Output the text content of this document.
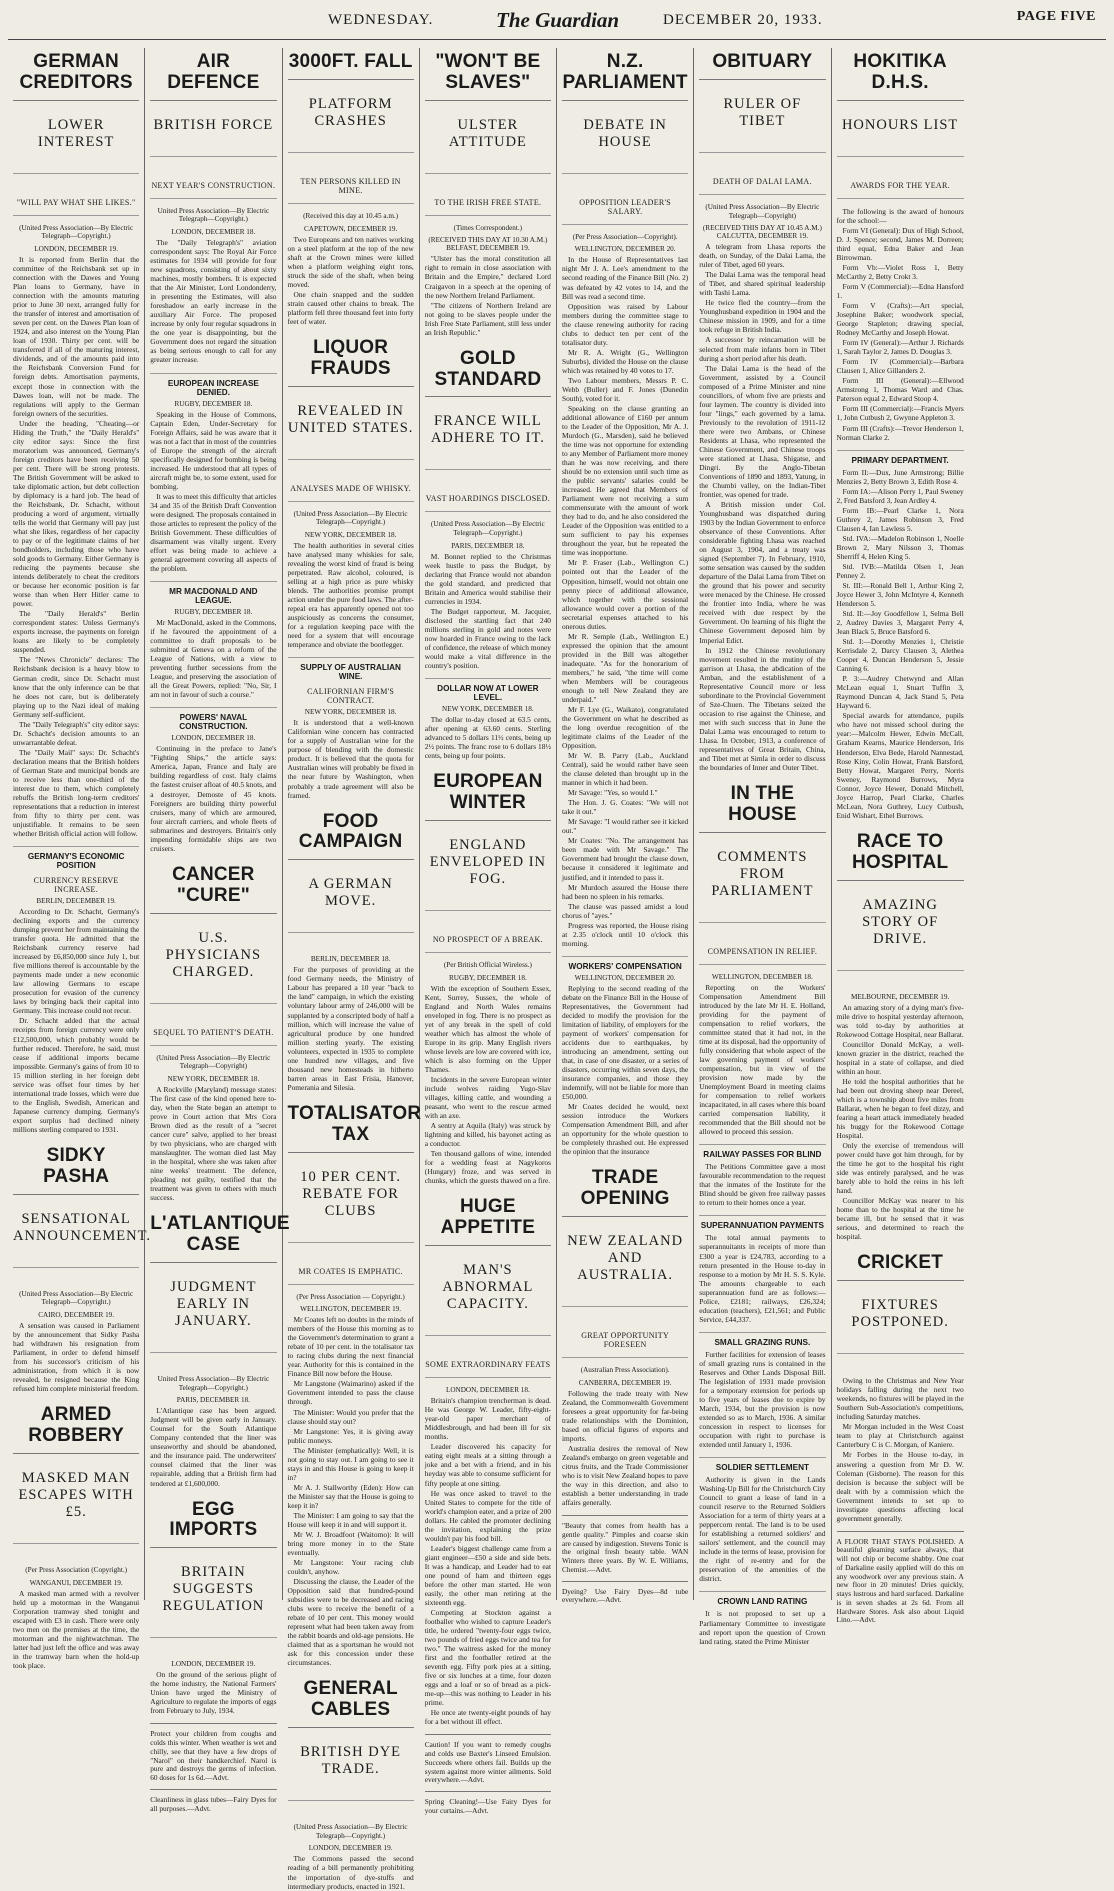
WEDNESDAY.	The Guardian	DECEMBER 20, 1933.	PAGE FIVE
GERMAN CREDITORS
LOWER INTEREST
"WILL PAY WHAT SHE LIKES."
(United Press Association—By Electric Telegraph—Copyright.)
LONDON, DECEMBER 19.

It is reported from Berlin that the committee of the Reichsbank set up in connection with the Dawes and Young Plan loans to Germany, have in connection with the amounts maturing prior to June 30 next, arranged fully for the transfer of interest and amortisation of seven per cent. on the Dawes Plan loan of 1924, and also interest on the Young Plan loan of 1930. Thirty per cent. will be transferred if all of the maturing interest, dividends, and of the amounts paid into the Reichsbank Conversion Fund for foreign debts. Amortisation payments, except those in connection with the Dawes loan, will not be made. The regulations will apply to the German foreign owners of the securities.

Under the heading, "Cheating—or Hiding the Truth," the "Daily Herald's" city editor says: Since the first moratorium was announced, Germany's foreign creditors have been receiving 50 per cent. There will be strong protests. The British Government will be asked to take diplomatic action, but debt collection by diplomacy is a hard job. The head of the Reichsbank, Dr. Schacht, without producing a word of argument, virtually tells the world that Germany will pay just what she likes, regardless of her capacity to pay or of the legitimate claims of her bondholders, including those who have sold goods to Germany. Either Germany is reducing the payments because she intends deliberately to cheat the creditors or because her economic position is far worse than when Herr Hitler came to power.

The "Daily Herald's" Berlin correspondent states: Unless Germany's exports increase, the payments on foreign loans are likely to be completely suspended.

The "News Chronicle" declares: The Reichsbank decision is a heavy blow to German credit, since Dr. Schacht must know that the only inference can be that he does not care, but is deliberately playing up to the Nazi ideal of making Germany self-sufficient.

The "Daily Telegraph's" city editor says: Dr. Schacht's decision amounts to an unwarrantable defeat.

The "Daily Mail" says: Dr. Schacht's declaration means that the British holders of German State and municipal bonds are to receive less than one-third of the interest due to them, which completely rebuffs the British long-term creditors' representations that a reduction in interest from fifty to thirty per cent. was unjustifiable. It remains to be seen whether British official action will follow.

GERMANY'S ECONOMIC POSITION
CURRENCY RESERVE INCREASE.
BERLIN, DECEMBER 19.

According to Dr. Schacht, Germany's declining exports and the currency dumping prevent her from maintaining the transfer quota. He admitted that the Reichsbank currency reserve had increased by £6,850,000 since July 1, but five millions thereof is accountable by the payments made under a new economic law allowing Germans to escape prosecution for evasion of the currency laws by bringing back their capital into Germany. This increase could not recur.

Dr. Schacht added that the actual receipts from foreign currency were only £12,500,000, which probably would be further reduced. Therefore, he said, must cease if additional imports became impossible. Germany's gains of from 10 to 15 million sterling in her foreign debt service was offset four times by her international trade losses, which were due to the English, Swedish, American and Japanese currency dumping. Germany's export surplus had declined ninety millions sterling compared to 1931.

SIDKY PASHA
SENSATIONAL ANNOUNCEMENT.
(United Press Association—By Electric Telegraph—Copyright.)
CAIRO, DECEMBER 19.

A sensation was caused in Parliament by the announcement that Sidky Pasha had withdrawn his resignation from Parliament, in order to defend himself from his successor's criticism of his administration, from which it is now revealed, he resigned because the King refused him complete ministerial freedom.

ARMED ROBBERY
MASKED MAN ESCAPES WITH £5.
(Per Press Association (Copyright.)
WANGANUI, DECEMBER 19.

A masked man armed with a revolver held up a motorman in the Wanganui Corporation tramway shed tonight and escaped with £3 in cash. There were only two men on the premises at the time, the motorman and the nightwatchman. The latter had just left the office and was away in the tramway barn when the hold-up took place.

AIR DEFENCE
BRITISH FORCE
NEXT YEAR'S CONSTRUCTION.
United Press Association—By Electric Telegraph—Copyright.)
LONDON, DECEMBER 18.

The "Daily Telegraph's" aviation correspondent says: The Royal Air Force estimates for 1934 will provide for four new squadrons, consisting of about sixty machines, mostly bombers. It is expected that the Air Minister, Lord Londonderry, in presenting the Estimates, will also foreshadow an early increase in the auxiliary Air Force. The proposed increase by only four regular squadrons in the one year is disappointing, but the Government does not regard the situation as being serious enough to call for any greater increase.

EUROPEAN INCREASE DENIED.
RUGBY, DECEMBER 18.

Speaking in the House of Commons, Captain Eden, Under-Secretary for Foreign Affairs, said he was aware that it was not a fact that in most of the countries of Europe the strength of the aircraft specifically designed for bombing is being increased. He understood that all types of aircraft might be, to some extent, used for bombing.

It was to meet this difficulty that articles 34 and 35 of the British Draft Convention were designed. The proposals contained in those articles to represent the policy of the British Government. These difficulties of disarmament was vitally urgent. Every effort was being made to achieve a general agreement covering all aspects of the problem.

MR MACDONALD AND LEAGUE.
RUGBY, DECEMBER 18.

Mr MacDonald, asked in the Commons, if he favoured the appointment of a committee to draft proposals to be submitted at Geneva on a reform of the League of Nations, with a view to preventing further secessions from the League, and preserving the association of all the Great Powers, replied: "No, Sir, I am not in favour of such a course."

POWERS' NAVAL CONSTRUCTION.
LONDON, DECEMBER 18.

Continuing in the preface to Jane's "Fighting Ships," the article says: America, Japan, France and Italy are building regardless of cost. Italy claims the fastest cruiser afloat of 40.5 knots, and a destroyer, Demoste of 45 knots. Foreigners are building thirty powerful cruisers, many of which are armoured, four aircraft carriers, and whole fleets of submarines and destroyers. Britain's only impending formidable ships are two cruisers.

CANCER "CURE"
U.S. PHYSICIANS CHARGED.
SEQUEL TO PATIENT'S DEATH.
(United Press Association—By Electric Telegraph—Copyright)
NEW YORK, DECEMBER 18.

A Rockville (Maryland) message states: The first case of the kind opened here to-day, when the State began an attempt to prove in Court action that Mrs Cora Brown died as the result of a "secret cancer cure" salve, applied to her breast by two physicians, who are charged with manslaughter. The woman died last May in the hospital, where she was taken after nine weeks' treatment. The defence, pleading not guilty, testified that the treatment was given to others with much success.

L'ATLANTIQUE CASE
JUDGMENT EARLY IN JANUARY.
United Press Association—By Electric Telegraph—Copyright.)
PARIS, DECEMBER 18.

L'Atlantique case has been argued. Judgment will be given early in January. Counsel for the South Atlantique Company contended that the liner was unseaworthy and should be abandoned, and the insurance paid. The underwriters' counsel claimed that the liner was repairable, adding that a British firm had tendered at £1,600,000.

EGG IMPORTS
BRITAIN SUGGESTS REGULATION
LONDON, DECEMBER 19.

On the ground of the serious plight of the home industry, the National Farmers' Union have urged the Ministry of Agriculture to regulate the imports of eggs from February to July, 1934.

Protect your children from coughs and colds this winter. When weather is wet and chilly, see that they have a few drops of "Narol" on their handkerchief. Narol is pure and destroys the germs of infection. 60 doses for 1s 6d.—Advt.
Cleanliness in glass tubes—Fairy Dyes for all purposes.—Advt.
3000FT. FALL
PLATFORM CRASHES
TEN PERSONS KILLED IN MINE.
(Received this day at 10.45 a.m.)
CAPETOWN, DECEMBER 19.

Two Europeans and ten natives working on a steel platform at the top of the new shaft at the Crown mines were killed when a platform weighing eight tons, struck the side of the shaft, when being moved.

One chain snapped and the sudden strain caused other chains to break. The platform fell three thousand feet into forty feet of water.

LIQUOR FRAUDS
REVEALED IN UNITED STATES.
ANALYSES MADE OF WHISKY.
(United Press Association—By Electric Telegraph—Copyright.)
NEW YORK, DECEMBER 18.

The health authorities in several cities have analysed many whiskies for sale, revealing the worst kind of fraud is being perpetrated. Raw alcohol, coloured, is selling at a high price as pure whisky blends. The authorities promise prompt action under the pure food laws. The after-repeal era has apparently opened not too auspiciously as concerns the consumer, for a regulation keeping pace with the need for a system that will encourage temperance and obviate the bootlegger.

SUPPLY OF AUSTRALIAN WINE.
CALIFORNIAN FIRM'S CONTRACT.
NEW YORK, DECEMBER 18.

It is understood that a well-known Californian wine concern has contracted for a supply of Australian wine for the purpose of blending with the domestic product. It is believed that the quota for Australian wines will probably be fixed in the near future by Washington, when probably a trade agreement will also be framed.

FOOD CAMPAIGN
A GERMAN MOVE.
BERLIN, DECEMBER 18.

For the purposes of providing at the food Germany needs, the Ministry of Labour has prepared a 10 year "back to the land" campaign, in which the existing voluntary labour army of 246,000 will be supplanted by a conscripted body of half a million, which will increase the value of agricultural produce by one hundred million sterling yearly. The existing volunteers, expected in 1935 to complete one hundred new villages, and five thousand new homesteads in hitherto barren areas in East Frisia, Hanover, Pomerania and Silesia.

TOTALISATOR TAX
10 PER CENT. REBATE FOR CLUBS
MR COATES IS EMPHATIC.
(Per Press Association — Copyright.)
WELLINGTON, DECEMBER 19.

Mr Coates left no doubts in the minds of members of the House this morning as to the Government's determination to grant a rebate of 10 per cent. in the totalisator tax to racing clubs during the next financial year. Authority for this is contained in the Finance Bill now before the House.

Mr Langstone (Waimarino) asked if the Government intended to pass the clause through.

The Minister: Would you prefer that the clause should stay out?

Mr Langstone: Yes, it is giving away public moneys.

The Minister (emphatically): Well, it is not going to stay out. I am going to see it stays in and this House is going to keep it in?

Mr A. J. Stallworthy (Eden): How can the Minister say that the House is going to keep it in?

The Minister: I am going to say that the House will keep it in and will support it.

Mr W. J. Broadfoot (Waitomo): It will bring more money in to the State eventually.

Mr Langstone: Your racing club couldn't, anyhow.

Discussing the clause, the Leader of the Opposition said that hundred-pound subsidies were to be decreased and racing clubs were to receive the benefit of a rebate of 10 per cent. This money would represent what had been taken away from the rabbit boards and old-age pensions. He claimed that as a sportsman he would not ask for this concession under these circumstances.

GENERAL CABLES
BRITISH DYE TRADE.
(United Press Association—By Electric Telegraph—Copyright.)
LONDON, DECEMBER 19.

The Commons passed the second reading of a bill permanently prohibiting the importation of dye-stuffs and intermediary products, enacted in 1921.

"WON'T BE SLAVES"
ULSTER ATTITUDE
TO THE IRISH FREE STATE.
(Times Correspondent.)
(RECEIVED THIS DAY AT 10.30 A.M.) BELFAST, DECEMBER 19.

"Ulster has the moral constitution all right to remain in close association with Britain and the Empire," declared Lord Craigavon in a speech at the opening of the new Northern Ireland Parliament.

"The citizens of Northern Ireland are not going to be slaves people under the Irish Free State Parliament, still less under an Irish Republic."

GOLD STANDARD
FRANCE WILL ADHERE TO IT.
VAST HOARDINGS DISCLOSED.
(United Press Association—By Electric Telegraph—Copyright.)
PARIS, DECEMBER 18.

M. Bonnet replied to the Christmas week hustle to pass the Budget, by declaring that France would not abandon the gold standard, and predicted that Britain and America would stabilise their currencies in 1934.

The Budget rapporteur, M. Jacquier, disclosed the startling fact that 240 millions sterling in gold and notes were now hoarded in France owing to the lack of confidence, the release of which money would make a vital difference in the country's position.

DOLLAR NOW AT LOWER LEVEL.
NEW YORK, DECEMBER 18.

The dollar to-day closed at 63.5 cents, after opening at 63.60 cents. Sterling advanced to 5 dollars 11½ cents, being up 2½ points. The franc rose to 6 dollars 18½ cents, being up four points.

EUROPEAN WINTER
ENGLAND ENVELOPED IN FOG.
NO PROSPECT OF A BREAK.
(Per British Official Wireless.)
RUGBY, DECEMBER 18.

With the exception of Southern Essex, Kent, Surrey, Sussex, the whole of England and North Wales remains enveloped in fog. There is no prospect as yet of any break in the spell of cold weather which has almost the whole of Europe in its grip. Many English rivers whose levels are low are covered with ice, which is also forming on the Upper Thames.

Incidents in the severe European winter include wolves raiding Yugo-Slav villages, killing cattle, and wounding a peasant, who went to the rescue armed with an axe.

A sentry at Aquila (Italy) was struck by lightning and killed, his bayonet acting as a conductor.

Ten thousand gallons of wine, intended for a wedding feast at Nagykoros (Hungary) froze, and was served in chunks, which the guests thawed on a fire.

HUGE APPETITE
MAN'S ABNORMAL CAPACITY.
SOME EXTRAORDINARY FEATS
LONDON, DECEMBER 18.

Britain's champion trencherman is dead. He was George W. Leader, fifty-eight-year-old paper merchant of Middlesbrough, and had been ill for six months.

Leader discovered his capacity for eating eight meals at a sitting through a joke and a bet with a friend, and in his heyday was able to consume sufficient for fifty people at one sitting.

He was once asked to travel to the United States to compete for the title of world's champion eater, and a prize of 200 dollars. He cabled the promoter declining the invitation, explaining the prize wouldn't pay his food bill.

Leader's biggest challenge came from a giant engineer—£50 a side and side bets. It was a handicap, and Leader had to eat one pound of ham and thirteen eggs before the other man started. He won easily, the other man retiring at the sixteenth egg.

Competing at Stockton against a footballer who wished to capture Leader's title, he ordered "twenty-four eggs twice, two pounds of fried eggs twice and tea for two." The waitress asked for the money first and the footballer retired at the seventh egg. Fifty pork pies at a sitting, five or six lunches at a time, four dozen eggs and a loaf or so of bread as a pick-me-up—this was nothing to Leader in his prime.

He once ate twenty-eight pounds of hay for a bet without ill effect.

Caution! If you want to remedy coughs and colds use Baxter's Linseed Emulsion. Succeeds where others fail. Builds up the system against more winter ailments. Sold everywhere.—Advt.
Spring Cleaning!—Use Fairy Dyes for your curtains.—Advt.
N.Z. PARLIAMENT
DEBATE IN HOUSE
OPPOSITION LEADER'S SALARY.
(Per Press Association—Copyright).
WELLINGTON, DECEMBER 20.

In the House of Representatives last night Mr J. A. Lee's amendment to the second reading of the Finance Bill (No. 2) was defeated by 42 votes to 14, and the Bill was read a second time.

Opposition was raised by Labour members during the committee stage to the clause renewing authority for racing clubs to deduct ten per cent of the totalisator duty.

Mr R. A. Wright (G., Wellington Suburbs), divided the House on the clause which was retained by 40 votes to 17.

Two Labour members, Messrs P. C. Webb (Buller) and F. Jones (Dunedin South), voted for it.

Speaking on the clause granting an additional allowance of £160 per annum to the Leader of the Opposition, Mr A. J. Murdoch (G., Marsden), said he believed the time was not opportune for extending to any Member of Parliament more money than he was now receiving, and there should be no extension until such time as the public servants' salaries could be increased. He agreed that Members of Parliament were not receiving a sum commensurate with the amount of work they had to do, and he also considered the Leader of the Opposition was entitled to a sum sufficient to pay his expenses throughout the year, but he repeated the time was inopportune.

Mr P. Fraser (Lab., Wellington C.) pointed out that the Leader of the Opposition, himself, would not obtain one penny piece of additional allowance, which together with the sessional allowance would cover a portion of the secretarial expenses attached to his onerous duties.

Mr R. Semple (Lab., Wellington E.) expressed the opinion that the amount provided in the Bill was altogether inadequate. "As for the honorarium of members," he said, "the time will come when Members will be courageous enough to tell New Zealand they are underpaid."

Mr F. Lye (G., Waikato), congratulated the Government on what he described as the long overdue recognition of the legitimate claims of the Leader of the Opposition.

Mr W. B. Parry (Lab., Auckland Central), said he would rather have seen the clause deleted than brought up in the manner in which it had been.

Mr Savage: "Yes, so would I."

The Hon. J. G. Coates: "We will not take it out."

Mr Savage: "I would rather see it kicked out."

Mr Coates: "No. The arrangement has been made with Mr Savage." The Government had brought the clause down, because it considered it legitimate and justified, and it intended to pass it.

Mr Murdoch assured the House there had been no spleen in his remarks.

The clause was passed amidst a loud chorus of "ayes."

Progress was reported, the House rising at 2.35 o'clock until 10 o'clock this morning.

WORKERS' COMPENSATION
WELLINGTON, DECEMBER 20.

Replying to the second reading of the debate on the Finance Bill in the House of Representatives, the Government had decided to modify the provision for the limitation of liability, of employers for the payment of workers' compensation for accidents due to earthquakes, by introducing an amendment, setting out that, in case of one disaster, or a series of disasters, occurring within seven days, the insurance companies, and those they indemnify, will not be liable for more than £50,000.

Mr Coates decided he would, next session introduce the Workers Compensation Amendment Bill, and after an opportunity for the whole question to be completely thrashed out. He expressed the opinion that the insurance

TRADE OPENING
NEW ZEALAND AND AUSTRALIA.
GREAT OPPORTUNITY FORESEEN
(Australian Press Association).
CANBERRA, DECEMBER 19.

Following the trade treaty with New Zealand, the Commonwealth Government foresees a great opportunity for far-being trade relationships with the Dominion, based on official figures of exports and imports.

Australia desires the removal of New Zealand's embargo on green vegetable and citrus fruits, and the Trade Commissioner who is to visit New Zealand hopes to pave the way in this direction, and also to establish a better understanding in trade affairs generally.

"Beauty that comes from health has a gentle quality." Pimples and coarse skin are caused by indigestion. Stevens Tonic is the original fresh beauty table. WAN Winters three years. By W. E. Williams, Chemist.—Advt.
Dyeing? Use Fairy Dyes—8d tube everywhere.—Advt.
OBITUARY
RULER OF TIBET
DEATH OF DALAI LAMA.
(United Press Association—By Electric Telegraph—Copyright)
(RECEIVED THIS DAY AT 10.45 A.M.) CALCUTTA, DECEMBER 19.

A telegram from Lhasa reports the death, on Sunday, of the Dalai Lama, the ruler of Tibet, aged 60 years.

The Dalai Lama was the temporal head of Tibet, and shared spiritual leadership with Tashi Lama.

He twice fled the country—from the Younghusband expedition in 1904 and the Chinese mission in 1909, and for a time took refuge in British India.

A successor by reincarnation will be selected from male infants born in Tibet during a short period after his death.

The Dalai Lama is the head of the Government, assisted by a Council composed of a Prime Minister and nine councillors, of whom five are priests and four laymen. The country is divided into four "lings," each governed by a lama. Previously to the revolution of 1911-12 there were two Ambans, or Chinese Residents at Lhasa, who represented the Chinese Government, and Chinese troops were stationed at Lhasa, Shigatse, and Dingri. By the Anglo-Tibetan Conventions of 1890 and 1893, Yatung, in the Chumbi valley, on the Indian-Tibet frontier, was opened for trade.

A British mission under Col. Younghusband was dispatched during 1903 by the Indian Government to enforce observance of these Conventions. After considerable fighting Lhasa was reached on August 3, 1904, and a treaty was signed (September 7). In February, 1910, some sensation was caused by the sudden departure of the Dalai Lama from Tibet on the ground that his power and security were menaced by the Chinese. He crossed the frontier into India, where he was received with due respect by the Government. On learning of his flight the Chinese Government deposed him by Imperial Edict.

In 1912 the Chinese revolutionary movement resulted in the mutiny of the garrison at Lhasa, the abdication of the Amban, and the establishment of a Representative Council more or less subordinate to the Provincial Government of Sze-Chuen. The Tibetans seized the occasion to rise against the Chinese, and met with such success that in June the Dalai Lama was encouraged to return to Lhasa. In October, 1913, a conference of representatives of Great Britain, China, and Tibet met at Simla in order to discuss the boundaries of Inner and Outer Tibet.

IN THE HOUSE
COMMENTS FROM PARLIAMENT
COMPENSATION IN RELIEF.
WELLINGTON, DECEMBER 18.

Reporting on the Workers' Compensation Amendment Bill introduced by the late Mr H. E. Holland, providing for the payment of compensation to relief workers, the committee stated that it had not, in the time at its disposal, had the opportunity of fully considering that whole aspect of the law governing payment of workers' compensation, but in view of the provision now made by the Unemployment Board in meeting claims for compensation to relief workers incapacitated, in all cases where this board carried compensation liability, it recommended that the Bill should not be allowed to proceed this session.

RAILWAY PASSES FOR BLIND

The Petitions Committee gave a most favourable recommendation to the request that the inmates of the Institute for the Blind should be given free railway passes to return to their homes once a year.

SUPERANNUATION PAYMENTS

The total annual payments to superannuitants in receipts of more than £300 a year is £24,783, according to a return presented in the House to-day in response to a motion by Mr H. S. S. Kyle. The amounts chargeable to each superannuation fund are as follows:—Police, £2181; railways, £26,324; education (teachers), £21,561; and Public Service, £44,337.

SMALL GRAZING RUNS.

Further facilities for extension of leases of small grazing runs is contained in the Reserves and Other Lands Disposal Bill. The legislation of 1931 made provision for a temporary extension for periods up to five years of leases due to expire by March, 1934, but the provision is now extended so as to March, 1936. A similar concession in respect to licenses for occupation with right to purchase is extended until January 1, 1936.

SOLDIER SETTLEMENT

Authority is given in the Lands Washing-Up Bill for the Christchurch City Council to grant a lease of land in a council reserve to the Returned Soldiers Association for a term of thirty years at a peppercorn rental. The land is to be used for establishing a returned soldiers' and sailors' settlement, and the council may include in the terms of lease, provision for the right of re-entry and for the preservation of the amenities of the district.

CROWN LAND RATING

It is not proposed to set up a Parliamentary Committee to investigate and report upon the question of Crown land rating, stated the Prime Minister

HOKITIKA D.H.S.
HONOURS LIST
AWARDS FOR THE YEAR.

The following is the award of honours for the school:—

Form VI (General): Dux of High School, D. J. Spence; second, James M. Dorreen; third equal, Edna Baker and Jean Birrowman.

Form Vb:—Violet Ross 1, Betty McCarthy 2, Betty Crokt 3.

Form V (Commercial):—Edna Hansford 1.

Form V (Crafts):—Art special, Josephine Baker; woodwork special, George Stapleton; drawing special, Rodney McCarthy and Joseph Howat.

Form IV (General):—Arthur J. Richards 1, Sarah Taylor 2, James D. Douglas 3.

Form IV (Commercial):—Barbara Clausen 1, Alice Gillanders 2.

Form III (General):—Ellwood Armstrong 1, Thomas Ward and Chas. Paterson equal 2, Edward Stoop 4.

Form III (Commercial):—Francis Myers 1, John Cutbush 2, Gwynne Appleton 3.

Form III (Crafts):—Trevor Henderson 1, Norman Clarke 2.

PRIMARY DEPARTMENT.

Form II:—Dux, June Armstrong; Billie Menzies 2, Betty Brown 3, Edith Rose 4.

Form IA:—Alison Perry 1, Paul Sweney 2, Fred Batsford 3, Jean Ardley 4.

Form IB:—Pearl Clarke 1, Nora Guthrey 2, James Robinson 3, Fred Clausen 4, Ian Lawless 5.

Std. IVA:—Madelon Robinson 1, Noelle Brown 2, Mary Nilsson 3, Thomas Sherriff 4, Helen King 5.

Std. IVB:—Matilda Olsen 1, Jean Penney 2.

St. III:—Ronald Bell 1, Arthur King 2, Joyce Hewer 3, John McIntyre 4, Kenneth Henderson 5.

Std. II:—Joy Goodfellow 1, Selma Bell 2, Audrey Davies 3, Margaret Perry 4, Jean Black 5, Bruce Batsford 6.

Std. I:—Dorothy Menzies 1, Christie Kerrisdale 2, Darcy Clausen 3, Alethea Cooper 4, Duncan Henderson 5, Jessie Canning 6.

P. 3:—Audrey Chetwynd and Allan McLean equal 1, Stuart Tuffin 3, Raymond Duncan 4, Jack Stand 5, Peta Hayward 6.

Special awards for attendance, pupils who have not missed school during the year:—Malcolm Hewer, Edwin McCall, Graham Kearns, Maurice Henderson, Iris Henderson, Elva Bede, Harold Nannestad, Rose Kiny, Colin Howat, Frank Batsford, Betty Howat, Margaret Perry, Norris Sweney, Raymond Burrows, Myra Connor, Joyce Hewer, Donald Mitchell, Joyce Harrop, Pearl Clarke, Charles McLean, Nora Guthrey, Lucy Cutbush, Enid Wishart, Ethel Burrows.

RACE TO HOSPITAL
AMAZING STORY OF DRIVE.
MELBOURNE, DECEMBER 19.

An amazing story of a dying man's five-mile drive to hospital yesterday afternoon, was told to-day by authorities at Rokewood Cottage Hospital, near Ballarat.

Councillor Donald McKay, a well-known grazier in the district, reached the hospital in a state of collapse, and died within an hour.

He told the hospital authorities that he had been out droving sheep near Dereel, which is a township about five miles from Ballarat, when he began to feel dizzy, and fearing a heart attack immediately headed his buggy for the Rokewood Cottage Hospital.

Only the exercise of tremendous will power could have got him through, for by the time he got to the hospital his right side was entirely paralysed, and he was barely able to hold the reins in his left hand.

Councillor McKay was nearer to his home than to the hospital at the time he became ill, but he sensed that it was serious, and determined to reach the hospital.

CRICKET
FIXTURES POSTPONED.

Owing to the Christmas and New Year holidays falling during the next two weekends, no fixtures will be played in the Southern Sub-Association's competitions, including Saturday matches.

Mr Morgan included in the West Coast team to play at Christchurch against Canterbury C is C. Morgan, of Kaniere.

Mr Forbes in the House to-day, in answering a question from Mr D. W. Coleman (Gisborne). The reason for this decision is because the subject will be dealt with by a commission which the Government intends to set up to investigate questions affecting local government generally.

A FLOOR THAT STAYS POLISHED. A beautiful gleaming surface always, that will not chip or become shabby. One coat of Darkaline easily applied will do this on any woodwork over any previous stain. A new floor in 20 minutes! Dries quickly, stays lustrous and hard surfaced. Darkaline is in seven shades at 2s 6d. From all Hardware Stores. Ask also about Liquid Lino.—Advt.
